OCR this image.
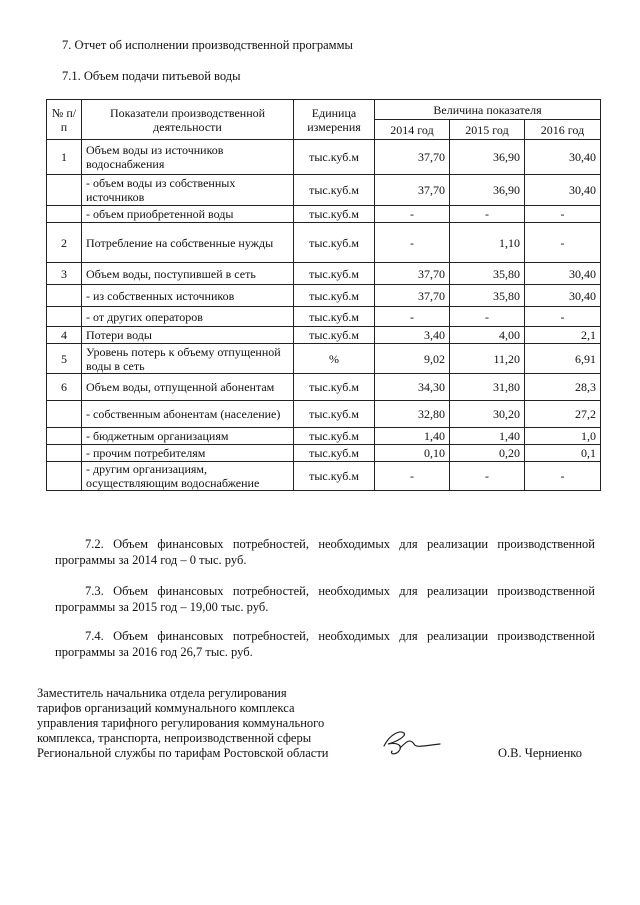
7. Отчет об исполнении производственной программы

7.1. Объем подачи питьевой воды

№ п/п	Показатели производственной деятельности	Единица измерения	Величина показателя		
			2014 год	2015 год	2016 год
1	Объем воды из источников водоснабжения	тыс.куб.м	37,70	36,90	30,40
	- объем воды из собственных источников	тыс.куб.м	37,70	36,90	30,40
	- объем приобретенной воды	тыс.куб.м	-	-	-
2	Потребление на собственные нужды	тыс.куб.м	-	1,10	-
3	Объем воды, поступившей в сеть	тыс.куб.м	37,70	35,80	30,40
	- из собственных источников	тыс.куб.м	37,70	35,80	30,40
	- от других операторов	тыс.куб.м	-	-	-
4	Потери воды	тыс.куб.м	3,40	4,00	2,1
5	Уровень потерь к объему отпущенной воды в сеть	%	9,02	11,20	6,91
6	Объем воды, отпущенной абонентам	тыс.куб.м	34,30	31,80	28,3
	- собственным абонентам (население)	тыс.куб.м	32,80	30,20	27,2
	- бюджетным организациям	тыс.куб.м	1,40	1,40	1,0
	- прочим потребителям	тыс.куб.м	0,10	0,20	0,1
	- другим организациям, осуществляющим водоснабжение	тыс.куб.м	-	-	-

7.2. Объем финансовых потребностей, необходимых для реализации производственной программы за 2014 год – 0 тыс. руб.

7.3. Объем финансовых потребностей, необходимых для реализации производственной программы за 2015 год – 19,00 тыс. руб.

7.4. Объем финансовых потребностей, необходимых для реализации производственной программы за 2016 год 26,7 тыс. руб.

Заместитель начальника отдела регулирования
тарифов организаций коммунального комплекса
управления тарифного регулирования коммунального
комплекса, транспорта, непроизводственной сферы
Региональной службы по тарифам Ростовской области	О.В. Черниенко
